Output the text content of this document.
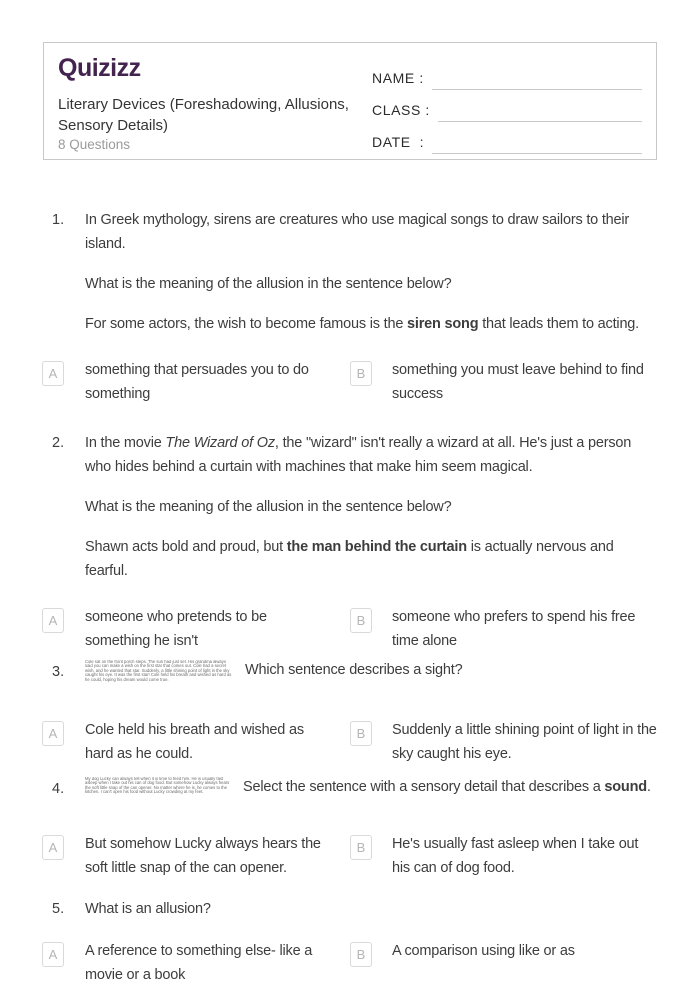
Quizizz
Literary Devices (Foreshadowing, Allusions, Sensory Details)
8 Questions
NAME :
CLASS :
DATE  :
1.	In Greek mythology, sirens are creatures who use magical songs to draw sailors to their island.

What is the meaning of the allusion in the sentence below?

For some actors, the wish to become famous is the siren song that leads them to acting.

A	something that persuades you to do something
B	something you must leave behind to find success
2.	In the movie The Wizard of Oz, the "wizard" isn't really a wizard at all. He's just a person who hides behind a curtain with machines that make him seem magical.

What is the meaning of the allusion in the sentence below?

Shawn acts bold and proud, but the man behind the curtain is actually nervous and fearful.

A	someone who pretends to be something he isn't
B	someone who prefers to spend his free time alone
3.
Cole sat on the front porch steps. The sun had just set. His grandma always said you can make a wish on the first star that comes out. Cole had a secret wish, and he wanted that star. Suddenly, a little shining point of light in the sky caught his eye. It was the first star! Cole held his breath and wished as hard as he could, hoping his dream would come true.

Which sentence describes a sight?

A	Cole held his breath and wished as hard as he could.
B	Suddenly a little shining point of light in the sky caught his eye.
4.
My dog Lucky can always tell when it is time to feed him. He is usually fast asleep when I take out his can of dog food. But somehow Lucky always hears the soft little snap of the can opener. No matter where he is, he comes to the kitchen. I can't open his food without Lucky crowding at my feet.	Select the sentence with a sensory detail that describes a sound.

A	But somehow Lucky always hears the soft little snap of the can opener.
B	He's usually fast asleep when I take out his can of dog food.
5.	What is an allusion?

A	A reference to something else- like a movie or a book
B	A comparison using like or as
